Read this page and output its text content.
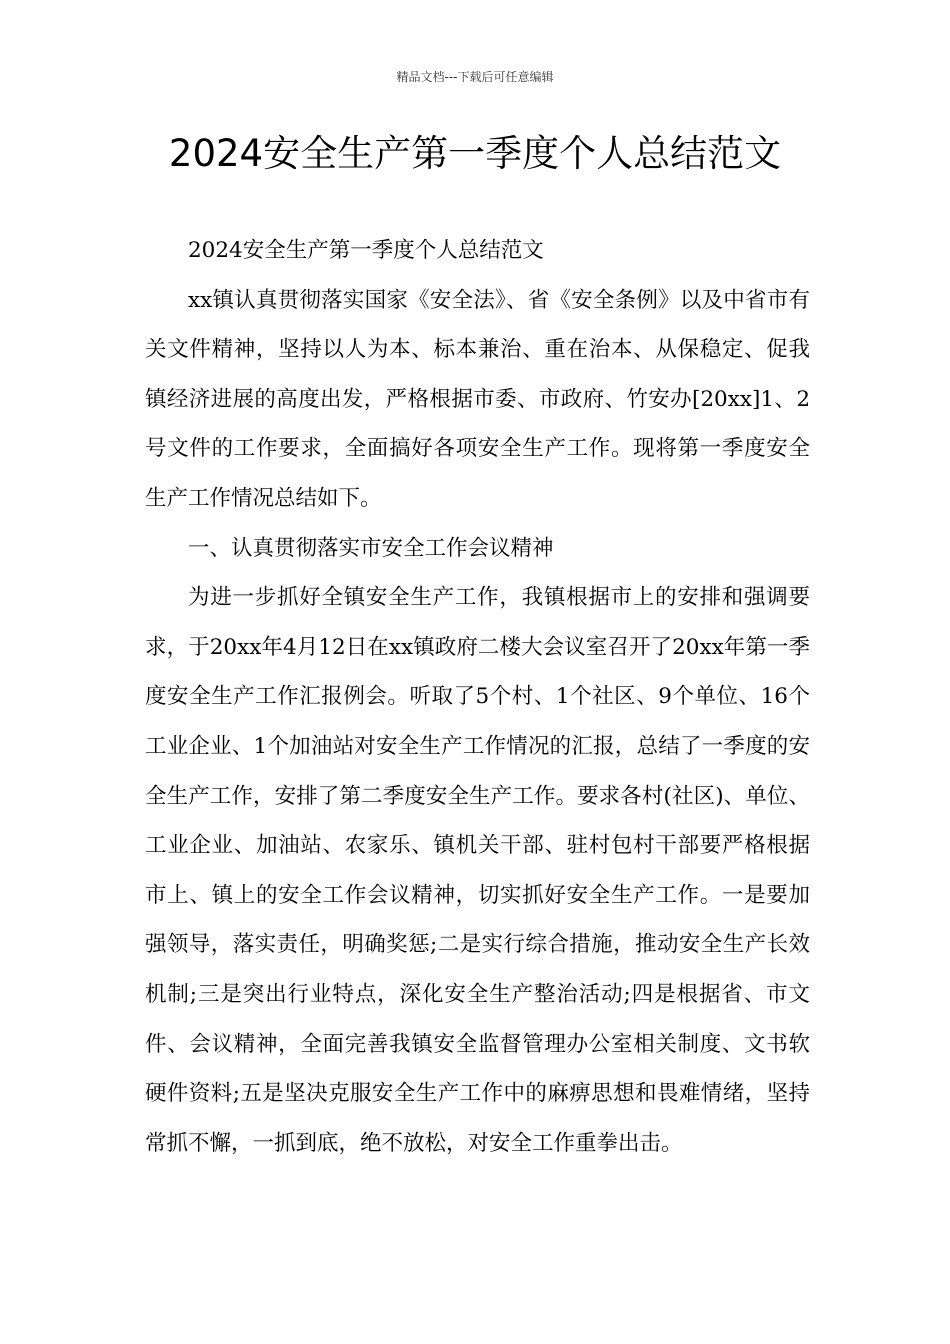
精品文档---下载后可任意编辑
2024安全生产第一季度个人总结范文

2024安全生产第一季度个人总结范文

xx镇认真贯彻落实国家《安全法》、省《安全条例》以及中省市有关文件精神，坚持以人为本、标本兼治、重在治本、从保稳定、促我镇经济进展的高度出发，严格根据市委、市政府、竹安办[20xx]1、2号文件的工作要求，全面搞好各项安全生产工作。现将第一季度安全生产工作情况总结如下。

一、认真贯彻落实市安全工作会议精神

为进一步抓好全镇安全生产工作，我镇根据市上的安排和强调要求，于20xx年4月12日在xx镇政府二楼大会议室召开了20xx年第一季度安全生产工作汇报例会。听取了5个村、1个社区、9个单位、16个工业企业、1个加油站对安全生产工作情况的汇报，总结了一季度的安全生产工作，安排了第二季度安全生产工作。要求各村(社区)、单位、工业企业、加油站、农家乐、镇机关干部、驻村包村干部要严格根据市上、镇上的安全工作会议精神，切实抓好安全生产工作。一是要加强领导，落实责任，明确奖惩;二是实行综合措施，推动安全生产长效机制;三是突出行业特点，深化安全生产整治活动;四是根据省、市文件、会议精神，全面完善我镇安全监督管理办公室相关制度、文书软硬件资料;五是坚决克服安全生产工作中的麻痹思想和畏难情绪，坚持常抓不懈，一抓到底，绝不放松，对安全工作重拳出击。
